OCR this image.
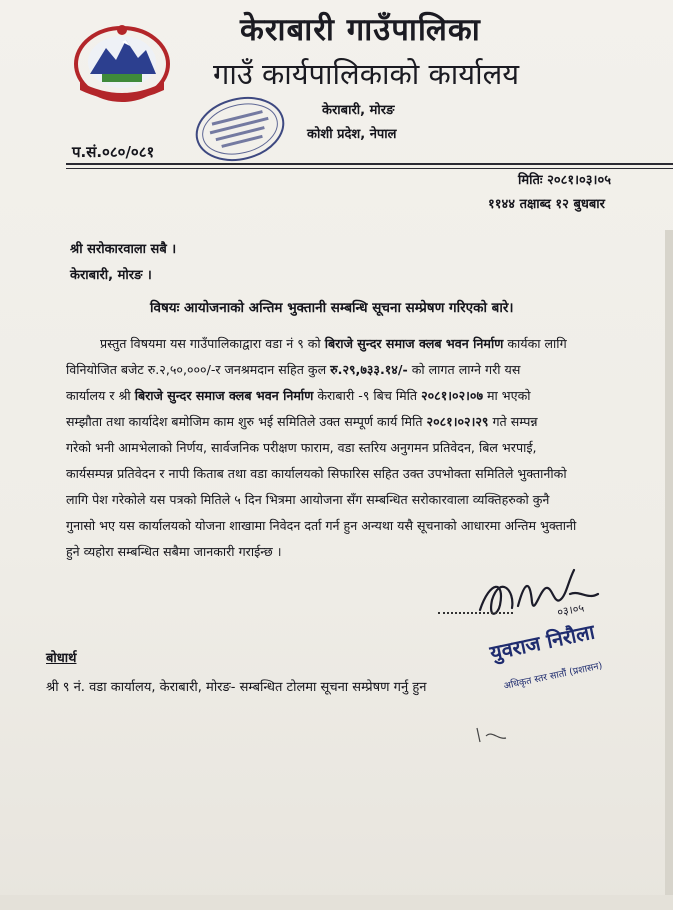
केराबारी गाउँपालिका
गाउँ कार्यपालिकाको कार्यालय
केराबारी, मोरङ
कोशी प्रदेश, नेपाल
प.सं.०८०/०८१
मितिः २०८१।०३।०५
११४४ तक्षाब्द १२ बुधबार
श्री सरोकारवाला सबै ।
केराबारी, मोरङ ।
विषयः आयोजनाको अन्तिम भुक्तानी सम्बन्धि सूचना सम्प्रेषण गरिएको बारे।
प्रस्तुत विषयमा यस गाउँपालिकाद्वारा वडा नं ९ को बिराजे सुन्दर समाज क्लब भवन निर्माण कार्यका लागि
विनियोजित बजेट रु.२,५०,०००/-र जनश्रमदान सहित कुल रु.२९,७३३.१४/- को लागत लाग्ने गरी यस
कार्यालय र श्री बिराजे सुन्दर समाज क्लब भवन निर्माण केराबारी -९ बिच मिति २०८१।०२।०७ मा भएको
सम्झौता तथा कार्यादेश बमोजिम काम शुरु भई समितिले उक्त सम्पूर्ण कार्य मिति २०८१।०२।२९ गते सम्पन्न
गरेको भनी आमभेलाको निर्णय, सार्वजनिक परीक्षण फाराम, वडा स्तरिय अनुगमन प्रतिवेदन, बिल भरपाई,
कार्यसम्पन्न प्रतिवेदन र नापी किताब तथा वडा कार्यालयको सिफारिस सहित उक्त उपभोक्ता समितिले भुक्तानीको
लागि पेश गरेकोले यस पत्रको मितिले ५ दिन भित्रमा आयोजना सँग सम्बन्धित सरोकारवाला व्यक्तिहरुको कुनै
गुनासो भए यस कार्यालयको योजना शाखामा निवेदन दर्ता गर्न हुन अन्यथा यसै सूचनाको आधारमा अन्तिम भुक्तानी
हुने व्यहोरा सम्बन्धित सबैमा जानकारी गराईन्छ ।
०३।०५
युवराज निरौला
अधिकृत स्तर सातौं (प्रशासन)
बोधार्थ
श्री ९ नं. वडा कार्यालय, केराबारी, मोरङ- सम्बन्धित टोलमा सूचना सम्प्रेषण गर्नु हुन
